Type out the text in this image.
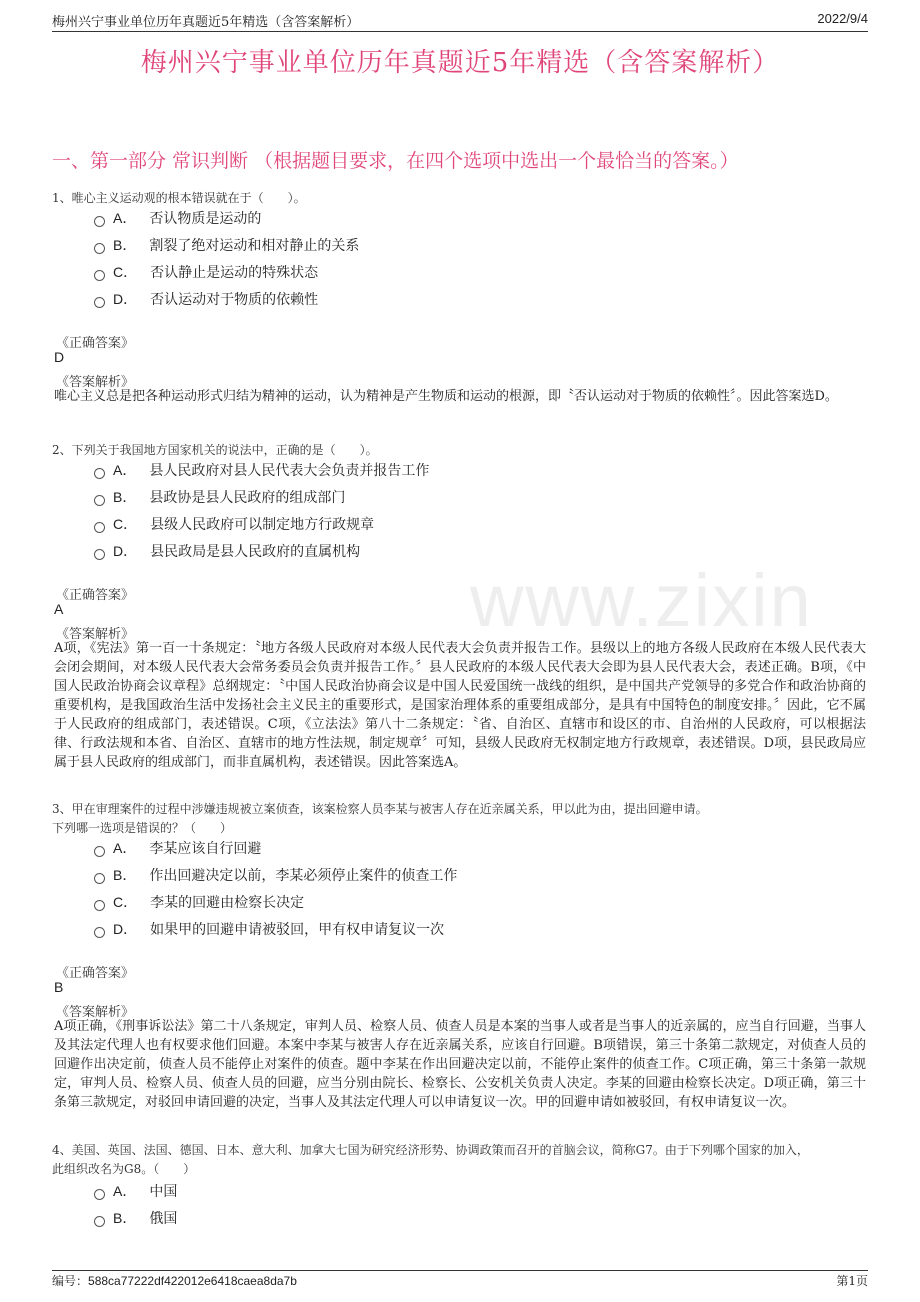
梅州兴宁事业单位历年真题近5年精选（含答案解析）	2022/9/4
梅州兴宁事业单位历年真题近5年精选（含答案解析）
一、第一部分 常识判断 （根据题目要求，在四个选项中选出一个最恰当的答案。）
www.zixin
1、唯心主义运动观的根本错误就在于（　　）。
A． 否认物质是运动的
B． 割裂了绝对运动和相对静止的关系
C． 否认静止是运动的特殊状态
D． 否认运动对于物质的依赖性
《正确答案》
D
《答案解析》
唯心主义总是把各种运动形式归结为精神的运动，认为精神是产生物质和运动的根源，即〝否认运动对于物质的依赖性〞。因此答案选D。
2、下列关于我国地方国家机关的说法中，正确的是（　　）。
A． 县人民政府对县人民代表大会负责并报告工作
B． 县政协是县人民政府的组成部门
C． 县级人民政府可以制定地方行政规章
D． 县民政局是县人民政府的直属机构
《正确答案》
A
《答案解析》
A项，《宪法》第一百一十条规定：〝地方各级人民政府对本级人民代表大会负责并报告工作。县级以上的地方各级人民政府在本级人民代表大会闭会期间，对本级人民代表大会常务委员会负责并报告工作。〞县人民政府的本级人民代表大会即为县人民代表大会，表述正确。B项，《中国人民政治协商会议章程》总纲规定：〝中国人民政治协商会议是中国人民爱国统一战线的组织，是中国共产党领导的多党合作和政治协商的重要机构，是我国政治生活中发扬社会主义民主的重要形式，是国家治理体系的重要组成部分，是具有中国特色的制度安排。〞因此，它不属于人民政府的组成部门，表述错误。C项，《立法法》第八十二条规定：〝省、自治区、直辖市和设区的市、自治州的人民政府，可以根据法律、行政法规和本省、自治区、直辖市的地方性法规，制定规章〞可知，县级人民政府无权制定地方行政规章，表述错误。D项，县民政局应属于县人民政府的组成部门，而非直属机构，表述错误。因此答案选A。
3、甲在审理案件的过程中涉嫌违规被立案侦查，该案检察人员李某与被害人存在近亲属关系，甲以此为由，提出回避申请。
下列哪一选项是错误的？（　　）
A． 李某应该自行回避
B． 作出回避决定以前，李某必须停止案件的侦查工作
C． 李某的回避由检察长决定
D． 如果甲的回避申请被驳回，甲有权申请复议一次
《正确答案》
B
《答案解析》
A项正确，《刑事诉讼法》第二十八条规定，审判人员、检察人员、侦查人员是本案的当事人或者是当事人的近亲属的，应当自行回避，当事人及其法定代理人也有权要求他们回避。本案中李某与被害人存在近亲属关系，应该自行回避。B项错误，第三十条第二款规定，对侦查人员的回避作出决定前，侦查人员不能停止对案件的侦查。题中李某在作出回避决定以前，不能停止案件的侦查工作。C项正确，第三十条第一款规定，审判人员、检察人员、侦查人员的回避，应当分别由院长、检察长、公安机关负责人决定。李某的回避由检察长决定。D项正确，第三十条第三款规定，对驳回申请回避的决定，当事人及其法定代理人可以申请复议一次。甲的回避申请如被驳回，有权申请复议一次。
4、美国、英国、法国、德国、日本、意大利、加拿大七国为研究经济形势、协调政策而召开的首脑会议，简称G7。由于下列哪个国家的加入，
此组织改名为G8。（　　）
A． 中国
B． 俄国
编号：588ca77222df422012e6418caea8da7b	第1页
